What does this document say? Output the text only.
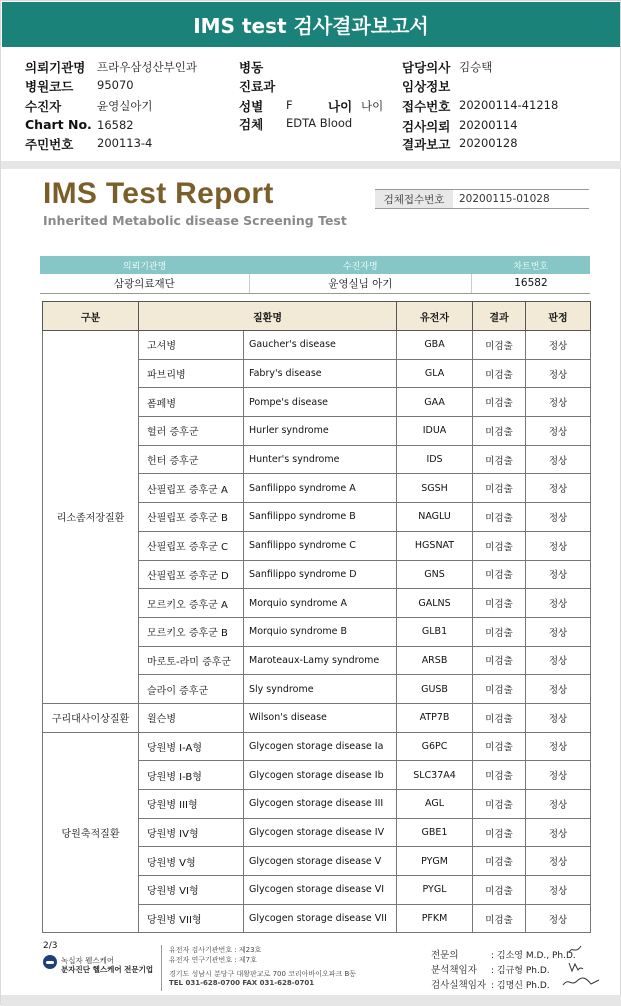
IMS test 검사결과보고서
의뢰기관명 프라우삼성산부인과
병원코드 95070
수진자	윤영실아기
Chart No. 16582
주민번호 200113-4
병동
진료과
성별 F	나이 나이
검체 EDTA Blood
담당의사 김승택
임상정보
접수번호 20200114-41218
검사의뢰 20200114
결과보고 20200128
IMS Test Report
Inherited Metabolic disease Screening Test
검체접수번호	20200115-01028
의뢰기관명	수진자명	차트번호
삼광의료재단	윤영실님 아기	16582
구분	질환명		유전자	결과	판정
리소좀저장질환	고셔병	Gaucher's disease	GBA	미검출	정상
	파브리병	Fabry's disease	GLA	미검출	정상
	폼페병	Pompe's disease	GAA	미검출	정상
	헐러 증후군	Hurler syndrome	IDUA	미검출	정상
	헌터 증후군	Hunter's syndrome	IDS	미검출	정상
	산필립포 증후군 A	Sanfilippo syndrome A	SGSH	미검출	정상
	산필립포 증후군 B	Sanfilippo syndrome B	NAGLU	미검출	정상
	산필립포 증후군 C	Sanfilippo syndrome C	HGSNAT	미검출	정상
	산필립포 증후군 D	Sanfilippo syndrome D	GNS	미검출	정상
	모르키오 증후군 A	Morquio syndrome A	GALNS	미검출	정상
	모르키오 증후군 B	Morquio syndrome B	GLB1	미검출	정상
	마로토-라미 증후군	Maroteaux-Lamy syndrome	ARSB	미검출	정상
	슬라이 증후군	Sly syndrome	GUSB	미검출	정상
구리대사이상질환	윌슨병	Wilson's disease	ATP7B	미검출	정상
당원축적질환	당원병 I-A형	Glycogen storage disease Ia	G6PC	미검출	정상
	당원병 I-B형	Glycogen storage disease Ib	SLC37A4	미검출	정상
	당원병 III형	Glycogen storage disease III	AGL	미검출	정상
	당원병 IV형	Glycogen storage disease IV	GBE1	미검출	정상
	당원병 V형	Glycogen storage disease V	PYGM	미검출	정상
	당원병 VI형	Glycogen storage disease VI	PYGL	미검출	정상
	당원병 VII형	Glycogen storage disease VII	PFKM	미검출	정상
2/3
녹십자 웰스케어
분자진단 헬스케어 전문기업
유전자 검사기관번호 : 제23호
유전자 연구기관번호 : 제7호
경기도 성남시 분당구 대왕판교로 700 코리아바이오파크 B동
TEL 031-628-0700 FAX 031-628-0701
전문의	: 김소영 M.D., Ph.D.
분석책임자 : 김규형 Ph.D.
검사실책임자 : 김명신 Ph.D.
